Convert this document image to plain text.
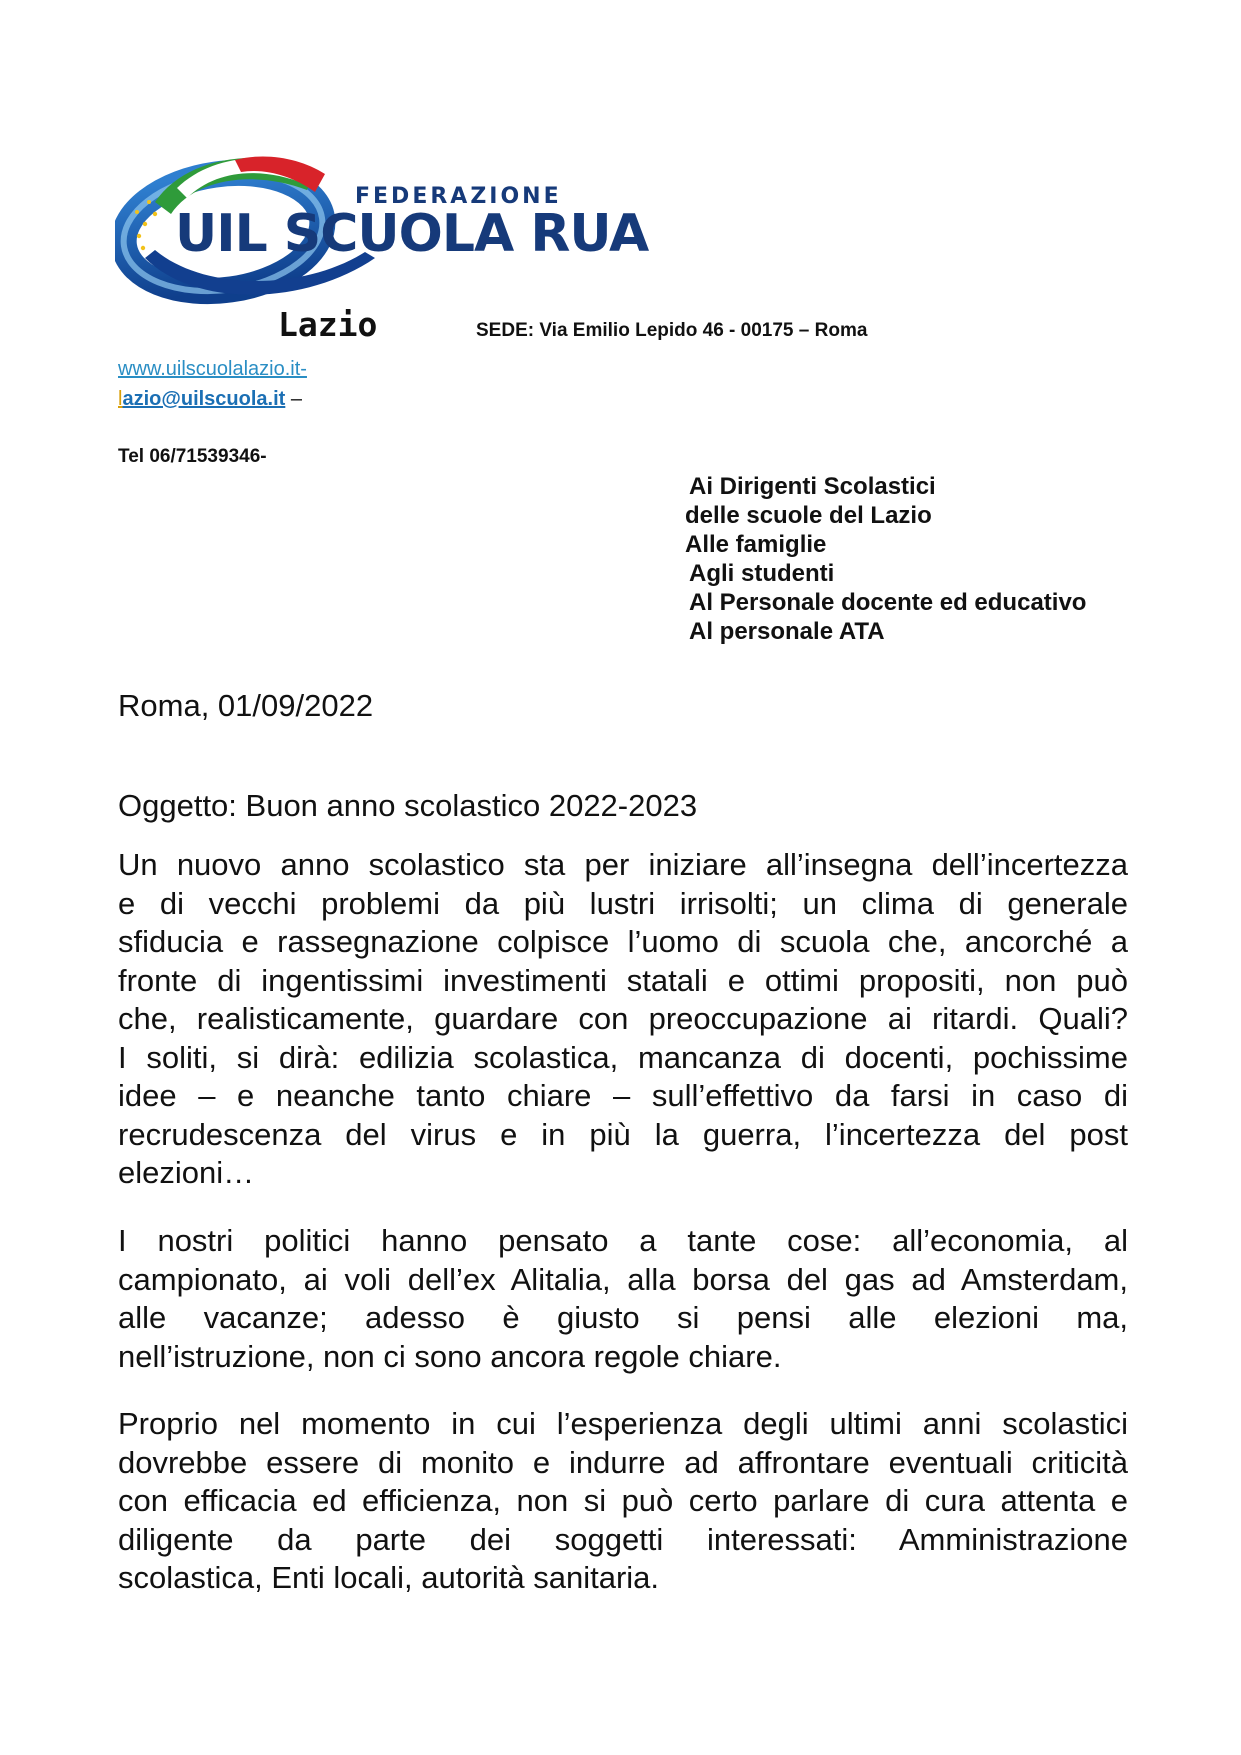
FEDERAZIONE
UIL SCUOLA RUA
Lazio	SEDE: Via Emilio Lepido 46 - 00175 – Roma
www.uilscuolalazio.it-
lazio@uilscuola.it –
Tel 06/71539346-
Ai Dirigenti Scolastici
delle scuole del Lazio
Alle famiglie
Agli studenti
Al Personale docente ed educativo
Al personale ATA
Roma, 01/09/2022
Oggetto: Buon anno scolastico 2022-2023
Un nuovo anno scolastico sta per iniziare all’insegna dell’incertezza
e di vecchi problemi da più lustri irrisolti; un clima di generale
sfiducia e rassegnazione colpisce l’uomo di scuola che, ancorché a
fronte di ingentissimi investimenti statali e ottimi propositi, non può
che, realisticamente, guardare con preoccupazione ai ritardi. Quali?
I soliti, si dirà: edilizia scolastica, mancanza di docenti, pochissime
idee – e neanche tanto chiare – sull’effettivo da farsi in caso di
recrudescenza del virus e in più la guerra, l’incertezza del post
elezioni…
I nostri politici hanno pensato a tante cose: all’economia, al
campionato, ai voli dell’ex Alitalia, alla borsa del gas ad Amsterdam,
alle vacanze; adesso è giusto si pensi alle elezioni ma,
nell’istruzione, non ci sono ancora regole chiare.
Proprio nel momento in cui l’esperienza degli ultimi anni scolastici
dovrebbe essere di monito e indurre ad affrontare eventuali criticità
con efficacia ed efficienza, non si può certo parlare di cura attenta e
diligente da parte dei soggetti interessati: Amministrazione
scolastica, Enti locali, autorità sanitaria.
